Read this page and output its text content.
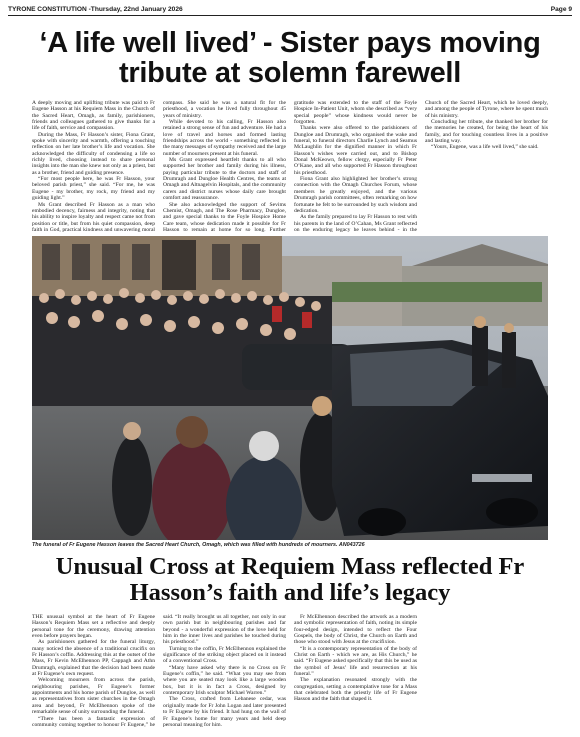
TYRONE CONSTITUTION -Thursday, 22nd January 2026	Page 9
‘A life well lived’ - Sister pays moving tribute at solemn farewell

A deeply moving and uplifting tribute was paid to Fr Eugene Hasson at his Requiem Mass in the Church of the Sacred Heart, Omagh, as family, parishioners, friends and colleagues gathered to give thanks for a life of faith, service and compassion.

During the Mass, Fr Hasson’s sister, Fiona Grant, spoke with sincerity and warmth, offering a touching reflection on her late brother’s life and vocation. She acknowledged the difficulty of condensing a life so richly lived, choosing instead to share personal insights into the man she knew not only as a priest, but as a brother, friend and guiding presence.

“For most people here, he was Fr Hasson, your beloved parish priest,” she said. “For me, he was Eugene - my brother, my rock, my friend and my guiding light.”

Ms Grant described Fr Hasson as a man who embodied decency, fairness and integrity, noting that his ability to inspire loyalty and respect came not from position or title, but from his quiet compassion, deep faith in God, practical kindness and unwavering moral compass. She said he was a natural fit for the priesthood, a vocation he lived fully throughout 45 years of ministry.

While devoted to his calling, Fr Hasson also retained a strong sense of fun and adventure. He had a love of travel and horses and formed lasting friendships across the world - something reflected in the many messages of sympathy received and the large number of mourners present at his funeral.

Ms Grant expressed heartfelt thanks to all who supported her brother and family during his illness, paying particular tribute to the doctors and staff of Drumragh and Dungloe Health Centres, the teams at Omagh and Altnagelvin Hospitals, and the community carers and district nurses whose daily care brought comfort and reassurance.

She also acknowledged the support of Sevims Chemist, Omagh, and The Rose Pharmacy, Dungloe, and gave special thanks to the Foyle Hospice Home Care team, whose dedication made it possible for Fr Hasson to remain at home for so long. Further gratitude was extended to the staff of the Foyle Hospice In-Patient Unit, whom she described as “very special people” whose kindness would never be forgotten.

Thanks were also offered to the parishioners of Dungloe and Drumragh, who organised the wake and funeral, to funeral directors Charlie Lynch and Seamus McLaughlin for the dignified manner in which Fr Hasson’s wishes were carried out, and to Bishop Donal McKeown, fellow clergy, especially Fr Peter O’Kane, and all who supported Fr Hasson throughout his priesthood.

Fiona Grant also highlighted her brother’s strong connection with the Omagh Churches Forum, whose members he greatly enjoyed, and the various Drumragh parish committees, often remarking on how fortunate he felt to be surrounded by such wisdom and dedication.

As the family prepared to lay Fr Hasson to rest with his parents in the land of O’Cahan, Ms Grant reflected on the enduring legacy he leaves behind - in the Church of the Sacred Heart, which he loved deeply, and among the people of Tyrone, where he spent much of his ministry.

Concluding her tribute, she thanked her brother for the memories he created, for being the heart of his family, and for touching countless lives in a positive and lasting way.

“Yours, Eugene, was a life well lived,” she said.

The funeral of Fr Eugene Hasson leaves the Sacred Heart Church, Omagh, which was filled with hundreds of mourners. AN043726
Unusual Cross at Requiem Mass reflected Fr Hasson’s faith and life’s legacy

THE unusual symbol at the heart of Fr Eugene Hasson’s Requiem Mass set a reflective and deeply personal tone for the ceremony, drawing attention even before prayers began.

As parishioners gathered for the funeral liturgy, many noticed the absence of a traditional crucifix on Fr Hasson’s coffin. Addressing this at the outset of the Mass, Fr Kevin McElhennon PP, Cappagh and Athn Drumragh, explained that the decision had been made at Fr Eugene’s own request.

Welcoming mourners from across the parish, neighbouring parishes, Fr Eugene’s former appointments and his home parish of Dungloe, as well as representatives from sister churches in the Omagh area and beyond, Fr McElhennon spoke of the remarkable sense of unity surrounding the funeral.

“There has been a fantastic expression of community coming together to honour Fr Eugene,” he said. “It really brought us all together, not only in our own parish but in neighbouring parishes and far beyond - a wonderful expression of the love held for him in the inner lives and parishes he touched during his priesthood.”

Turning to the coffin, Fr McElhennon explained the significance of the striking object placed on it instead of a conventional Cross.

“Many have asked why there is no Cross on Fr Eugene’s coffin,” he said. “What you may see from where you are seated may look like a large wooden box, but it is in fact a Cross, designed by contemporary Irish sculptor Michael Warren.”

The Cross, crafted from Lebanese cedar, was originally made for Fr John Logan and later presented to Fr Eugene by his friend. It had hung on the wall of Fr Eugene’s home for many years and held deep personal meaning for him.

Fr McElhennon described the artwork as a modern and symbolic representation of faith, noting its simple four-edged design, intended to reflect the Four Gospels, the body of Christ, the Church on Earth and those who stood with Jesus at the crucifixion.

“It is a contemporary representation of the body of Christ on Earth - which we are, as His Church,” he said. “Fr Eugene asked specifically that this be used as the symbol of Jesus’ life and resurrection at his funeral.”

The explanation resonated strongly with the congregation, setting a contemplative tone for a Mass that celebrated both the priestly life of Fr Eugene Hasson and the faith that shaped it.
